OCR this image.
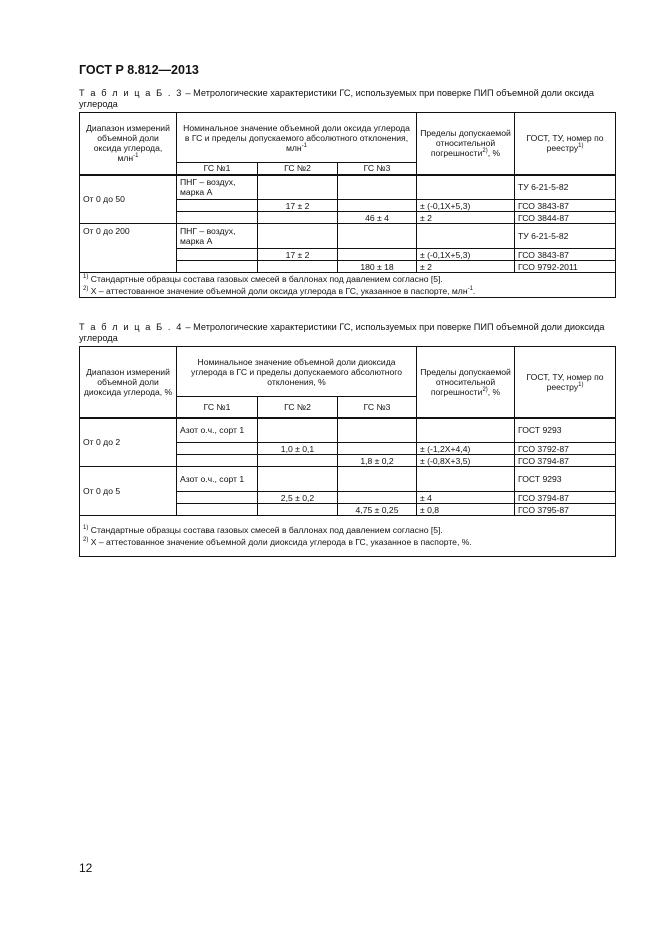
ГОСТ Р 8.812—2013
Т а б л и ц а Б . 3 – Метрологические характеристики ГС, используемых при поверке ПИП объемной доли оксида углерода
Диапазон измерений объемной доли оксида углерода, млн$^{-1}$	Номинальное значение объемной доли оксида углерода в ГС и пределы допускаемого абсолютного отклонения, млн$^{-1}$			Пределы допускаемой относительной погрешности$^{2)}$, %	ГОСТ, ТУ, номер по реестру$^{1)}$
	ГС №1	ГС №2	ГС №3		
От 0 до 50	ПНГ – воздух, марка А				ТУ 6-21-5-82
		17 ± 2		± (-0,1Х+5,3)	ГСО 3843-87
			46 ± 4	± 2	ГСО 3844-87
От 0 до 200	ПНГ – воздух, марка А				ТУ 6-21-5-82
		17 ± 2		± (-0,1Х+5,3)	ГСО 3843-87
			180 ± 18	± 2	ГСО 9792-2011

$^{1)}$ Стандартные образцы состава газовых смесей в баллонах под давлением согласно [5].
$^{2)}$ Х – аттестованное значение объемной доли оксида углерода в ГС, указанное в паспорте, млн$^{-1}$.					
Т а б л и ц а Б . 4 – Метрологические характеристики ГС, используемых при поверке ПИП объемной доли диоксида углерода
Диапазон измерений объемной доли диоксида углерода, %	Номинальное значение объемной доли диоксида углерода в ГС и пределы допускаемого абсолютного отклонения, %			Пределы допускаемой относительной погрешности$^{2)}$, %	ГОСТ, ТУ, номер по реестру$^{1)}$
	ГС №1	ГС №2	ГС №3		
От 0 до 2	Азот о.ч., сорт 1				ГОСТ 9293
		1,0 ± 0,1		± (-1,2Х+4,4)	ГСО 3792-87
			1,8 ± 0,2	± (-0,8Х+3,5)	ГСО 3794-87
От 0 до 5	Азот о.ч., сорт 1				ГОСТ 9293
		2,5 ± 0,2		± 4	ГСО 3794-87
			4,75 ± 0,25	± 0,8	ГСО 3795-87

$^{1)}$ Стандартные образцы состава газовых смесей в баллонах под давлением согласно [5].
$^{2)}$ Х – аттестованное значение объемной доли диоксида углерода в ГС, указанное в паспорте, %.					
12
